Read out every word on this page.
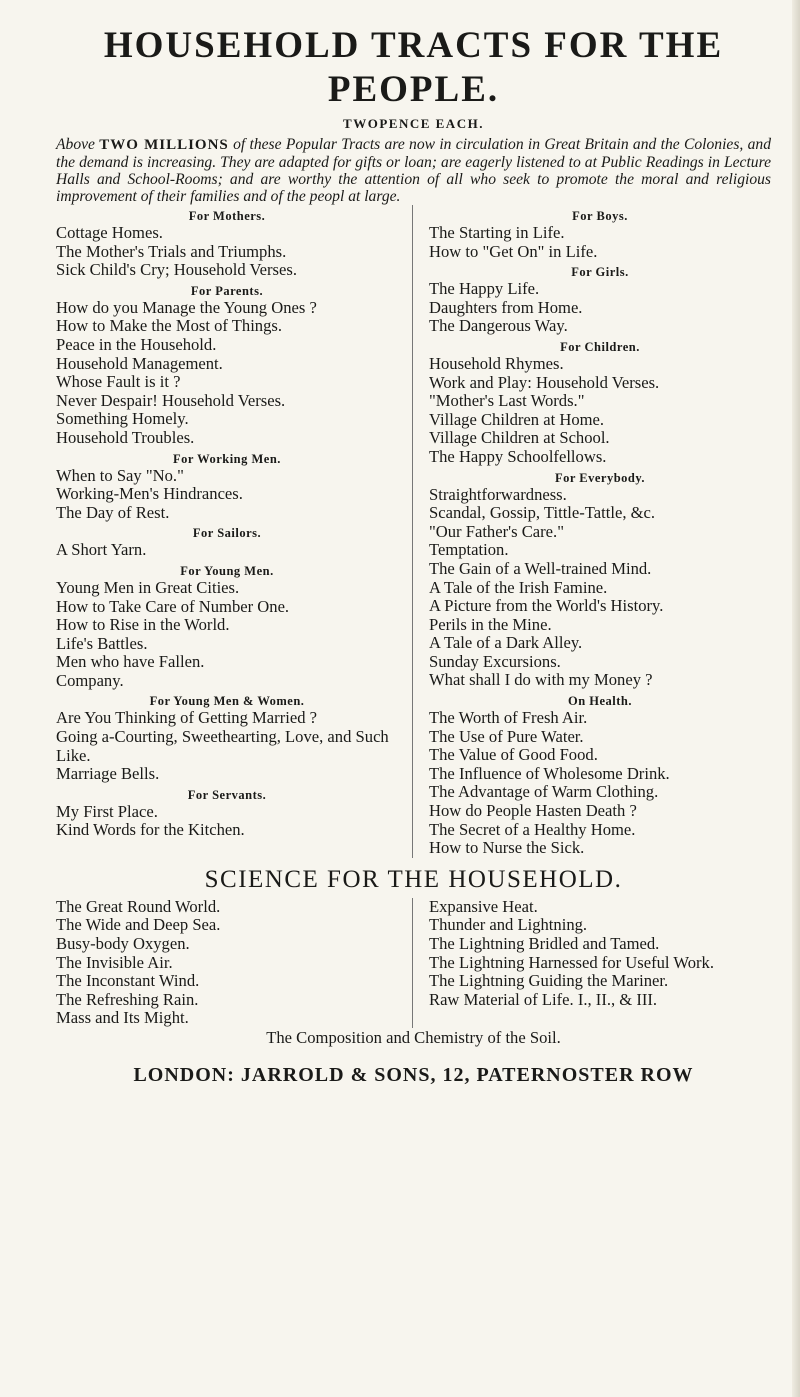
HOUSEHOLD TRACTS FOR THE PEOPLE.
TWOPENCE EACH.
Above TWO MILLIONS of these Popular Tracts are now in circulation in Great Britain and the Colonies, and the demand is increasing. They are adapted for gifts or loan; are eagerly listened to at Public Readings in Lecture Halls and School-Rooms; and are worthy the attention of all who seek to promote the moral and religious improvement of their families and of the peopl at large.
For Mothers.
Cottage Homes.
The Mother's Trials and Triumphs.
Sick Child's Cry; Household Verses.
For Parents.
How do you Manage the Young Ones ?
How to Make the Most of Things.
Peace in the Household.
Household Management.
Whose Fault is it ?
Never Despair! Household Verses.
Something Homely.
Household Troubles.
For Working Men.
When to Say "No."
Working-Men's Hindrances.
The Day of Rest.
For Sailors.
A Short Yarn.
For Young Men.
Young Men in Great Cities.
How to Take Care of Number One.
How to Rise in the World.
Life's Battles.
Men who have Fallen.
Company.
For Young Men & Women.
Are You Thinking of Getting Married ?
Going a-Courting, Sweethearting, Love, and Such Like.
Marriage Bells.
For Servants.
My First Place.
Kind Words for the Kitchen.
For Boys.
The Starting in Life.
How to "Get On" in Life.
For Girls.
The Happy Life.
Daughters from Home.
The Dangerous Way.
For Children.
Household Rhymes.
Work and Play: Household Verses.
"Mother's Last Words."
Village Children at Home.
Village Children at School.
The Happy Schoolfellows.
For Everybody.
Straightforwardness.
Scandal, Gossip, Tittle-Tattle, &c.
"Our Father's Care."
Temptation.
The Gain of a Well-trained Mind.
A Tale of the Irish Famine.
A Picture from the World's History.
Perils in the Mine.
A Tale of a Dark Alley.
Sunday Excursions.
What shall I do with my Money ?
On Health.
The Worth of Fresh Air.
The Use of Pure Water.
The Value of Good Food.
The Influence of Wholesome Drink.
The Advantage of Warm Clothing.
How do People Hasten Death ?
The Secret of a Healthy Home.
How to Nurse the Sick.
SCIENCE FOR THE HOUSEHOLD.
The Great Round World.
The Wide and Deep Sea.
Busy-body Oxygen.
The Invisible Air.
The Inconstant Wind.
The Refreshing Rain.
Mass and Its Might.
Expansive Heat.
Thunder and Lightning.
The Lightning Bridled and Tamed.
The Lightning Harnessed for Useful Work.
The Lightning Guiding the Mariner.
Raw Material of Life. I., II., & III.
The Composition and Chemistry of the Soil.
LONDON: JARROLD & SONS, 12, PATERNOSTER ROW
